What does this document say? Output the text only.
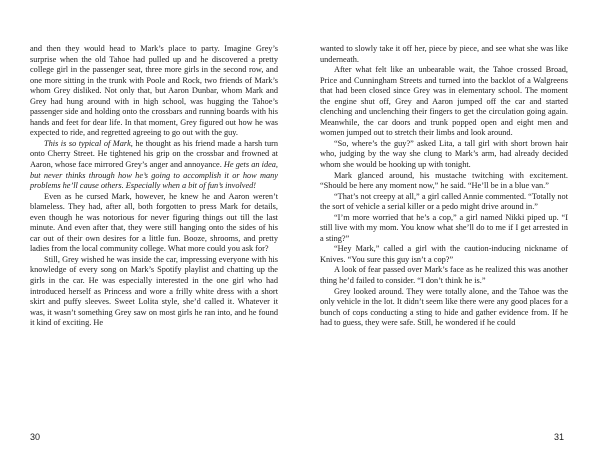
and then they would head to Mark’s place to party. Imagine Grey’s surprise when the old Tahoe had pulled up and he discovered a pretty college girl in the passenger seat, three more girls in the second row, and one more sitting in the trunk with Poole and Rock, two friends of Mark’s whom Grey disliked. Not only that, but Aaron Dunbar, whom Mark and Grey had hung around with in high school, was hugging the Tahoe’s passenger side and holding onto the crossbars and running boards with his hands and feet for dear life. In that moment, Grey figured out how he was expected to ride, and regretted agreeing to go out with the guy.

This is so typical of Mark, he thought as his friend made a harsh turn onto Cherry Street. He tightened his grip on the crossbar and frowned at Aaron, whose face mirrored Grey’s anger and annoyance. He gets an idea, but never thinks through how he’s going to accomplish it or how many problems he’ll cause others. Especially when a bit of fun’s involved!

Even as he cursed Mark, however, he knew he and Aaron weren’t blameless. They had, after all, both forgotten to press Mark for details, even though he was notorious for never figuring things out till the last minute. And even after that, they were still hanging onto the sides of his car out of their own desires for a little fun. Booze, shrooms, and pretty ladies from the local community college. What more could you ask for?

Still, Grey wished he was inside the car, impressing everyone with his knowledge of every song on Mark’s Spotify playlist and chatting up the girls in the car. He was especially interested in the one girl who had introduced herself as Princess and wore a frilly white dress with a short skirt and puffy sleeves. Sweet Lolita style, she’d called it. Whatever it was, it wasn’t something Grey saw on most girls he ran into, and he found it kind of exciting. He

wanted to slowly take it off her, piece by piece, and see what she was like underneath.

After what felt like an unbearable wait, the Tahoe crossed Broad, Price and Cunningham Streets and turned into the backlot of a Walgreens that had been closed since Grey was in elementary school. The moment the engine shut off, Grey and Aaron jumped off the car and started clenching and unclenching their fingers to get the circulation going again. Meanwhile, the car doors and trunk popped open and eight men and women jumped out to stretch their limbs and look around.

“So, where’s the guy?” asked Lita, a tall girl with short brown hair who, judging by the way she clung to Mark’s arm, had already decided whom she would be hooking up with tonight.

Mark glanced around, his mustache twitching with excitement. “Should be here any moment now,” he said. “He’ll be in a blue van.”

“That’s not creepy at all,” a girl called Annie commented. “Totally not the sort of vehicle a serial killer or a pedo might drive around in.”

“I’m more worried that he’s a cop,” a girl named Nikki piped up. “I still live with my mom. You know what she’ll do to me if I get arrested in a sting?”

“Hey Mark,” called a girl with the caution-inducing nickname of Knives. “You sure this guy isn’t a cop?”

A look of fear passed over Mark’s face as he realized this was another thing he’d failed to consider. “I don’t think he is.”

Grey looked around. They were totally alone, and the Tahoe was the only vehicle in the lot. It didn’t seem like there were any good places for a bunch of cops conducting a sting to hide and gather evidence from. If he had to guess, they were safe. Still, he wondered if he could

30	31
